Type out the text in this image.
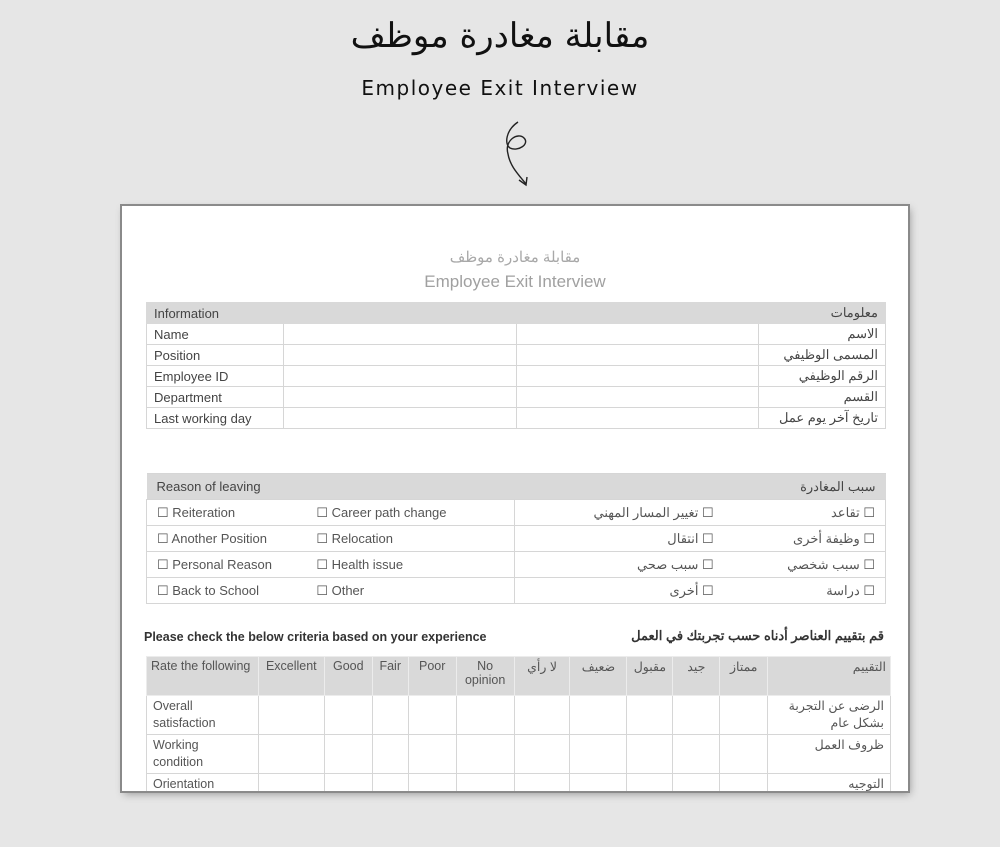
مقابلة مغادرة موظف
Employee Exit Interview
مقابلة مغادرة موظف
Employee Exit Interview
Information		معلومات	
Name			الاسم
Position			المسمى الوظيفي
Employee ID			الرقم الوظيفي
Department			القسم
Last working day			تاريخ آخر يوم عمل
Reason of leaving		سبب المغادرة	
☐ Reiteration	☐ Career path change	☐ تغيير المسار المهني	☐ تقاعد
☐ Another Position	☐ Relocation	☐ انتقال	☐ وظيفة أخرى
☐ Personal Reason	☐ Health issue	☐ سبب صحي	☐ سبب شخصي
☐ Back to School	☐ Other	☐ أخرى	☐ دراسة
Please check the below criteria based on your experience	قم بتقييم العناصر أدناه حسب تجربتك في العمل
Rate the following	Excellent	Good	Fair	Poor	No opinion	لا رأي	ضعيف	مقبول	جيد	ممتاز	التقييم
Overall satisfaction											الرضى عن التجربة بشكل عام
Working condition											ظروف العمل
Orientation											التوجيه
